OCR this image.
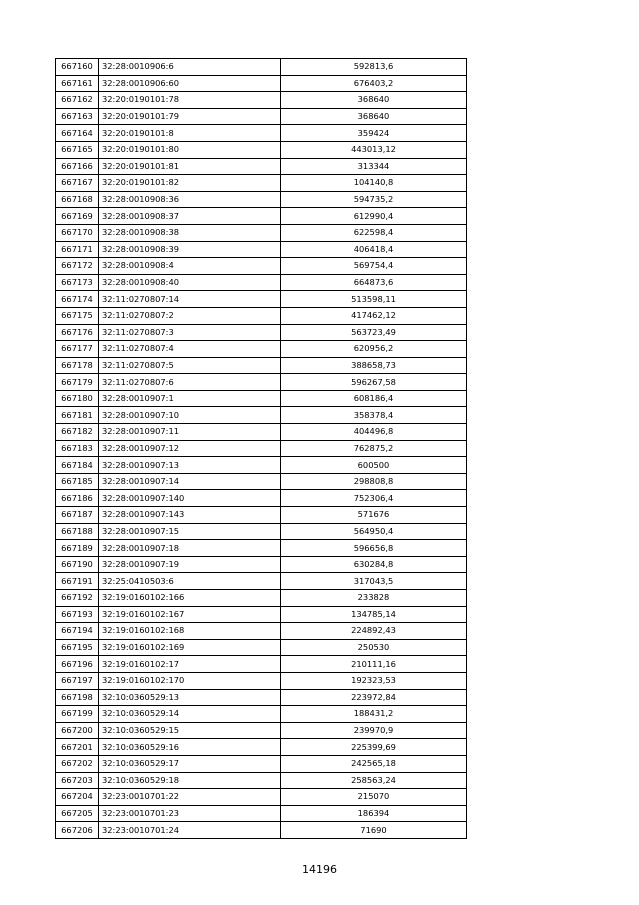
667160	32:28:0010906:6	592813,6
667161	32:28:0010906:60	676403,2
667162	32:20:0190101:78	368640
667163	32:20:0190101:79	368640
667164	32:20:0190101:8	359424
667165	32:20:0190101:80	443013,12
667166	32:20:0190101:81	313344
667167	32:20:0190101:82	104140,8
667168	32:28:0010908:36	594735,2
667169	32:28:0010908:37	612990,4
667170	32:28:0010908:38	622598,4
667171	32:28:0010908:39	406418,4
667172	32:28:0010908:4	569754,4
667173	32:28:0010908:40	664873,6
667174	32:11:0270807:14	513598,11
667175	32:11:0270807:2	417462,12
667176	32:11:0270807:3	563723,49
667177	32:11:0270807:4	620956,2
667178	32:11:0270807:5	388658,73
667179	32:11:0270807:6	596267,58
667180	32:28:0010907:1	608186,4
667181	32:28:0010907:10	358378,4
667182	32:28:0010907:11	404496,8
667183	32:28:0010907:12	762875,2
667184	32:28:0010907:13	600500
667185	32:28:0010907:14	298808,8
667186	32:28:0010907:140	752306,4
667187	32:28:0010907:143	571676
667188	32:28:0010907:15	564950,4
667189	32:28:0010907:18	596656,8
667190	32:28:0010907:19	630284,8
667191	32:25:0410503:6	317043,5
667192	32:19:0160102:166	233828
667193	32:19:0160102:167	134785,14
667194	32:19:0160102:168	224892,43
667195	32:19:0160102:169	250530
667196	32:19:0160102:17	210111,16
667197	32:19:0160102:170	192323,53
667198	32:10:0360529:13	223972,84
667199	32:10:0360529:14	188431,2
667200	32:10:0360529:15	239970,9
667201	32:10:0360529:16	225399,69
667202	32:10:0360529:17	242565,18
667203	32:10:0360529:18	258563,24
667204	32:23:0010701:22	215070
667205	32:23:0010701:23	186394
667206	32:23:0010701:24	71690
14196
